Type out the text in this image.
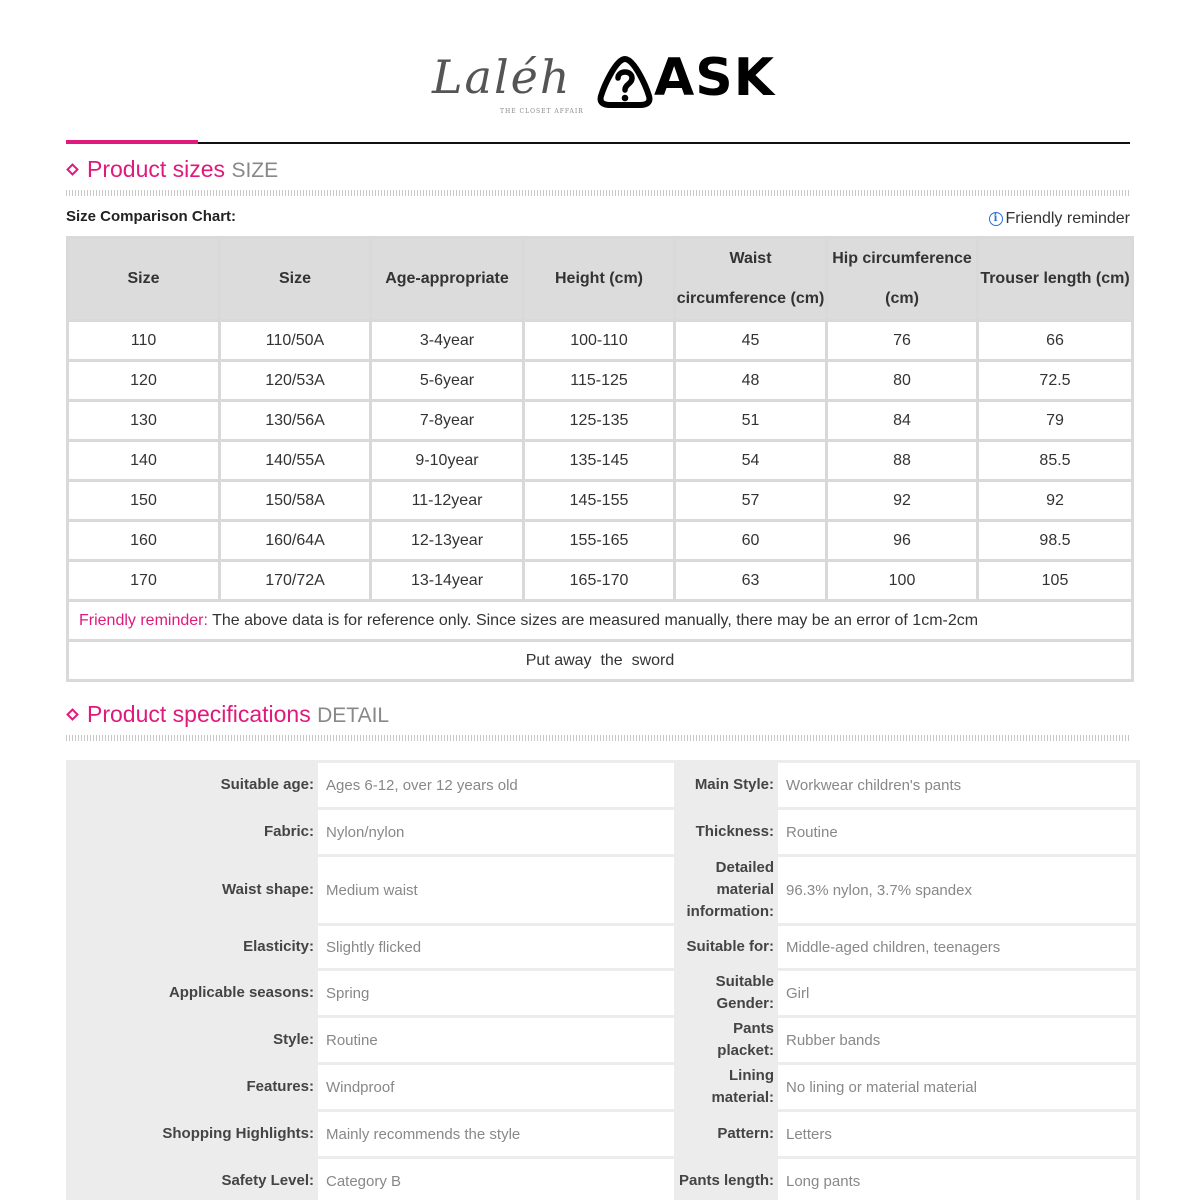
Laléh
THE CLOSET AFFAIR
ASK
Product sizes SIZE
Size Comparison Chart:	i Friendly reminder
Size	Size	Age-appropriate	Height (cm)	Waist circumference (cm)	Hip circumference (cm)	Trouser length (cm)
110	110/50A	3-4year	100-110	45	76	66
120	120/53A	5-6year	115-125	48	80	72.5
130	130/56A	7-8year	125-135	51	84	79
140	140/55A	9-10year	135-145	54	88	85.5
150	150/58A	11-12year	145-155	57	92	92
160	160/64A	12-13year	155-165	60	96	98.5
170	170/72A	13-14year	165-170	63	100	105
Friendly reminder: The above data is for reference only. Since sizes are measured manually, there may be an error of 1cm-2cm						
Put away  the  sword						
Product specifications DETAIL
Suitable age:	Ages 6-12, over 12 years old	Main Style:	Workwear children's pants
Fabric:	Nylon/nylon	Thickness:	Routine
Waist shape:	Medium waist	Detailed material information:	96.3% nylon, 3.7% spandex
Elasticity:	Slightly flicked	Suitable for:	Middle-aged children, teenagers
Applicable seasons:	Spring	Suitable Gender:	Girl
Style:	Routine	Pants placket:	Rubber bands
Features:	Windproof	Lining material:	No lining or material material
Shopping Highlights:	Mainly recommends the style	Pattern:	Letters
Safety Level:	Category B	Pants length:	Long pants
